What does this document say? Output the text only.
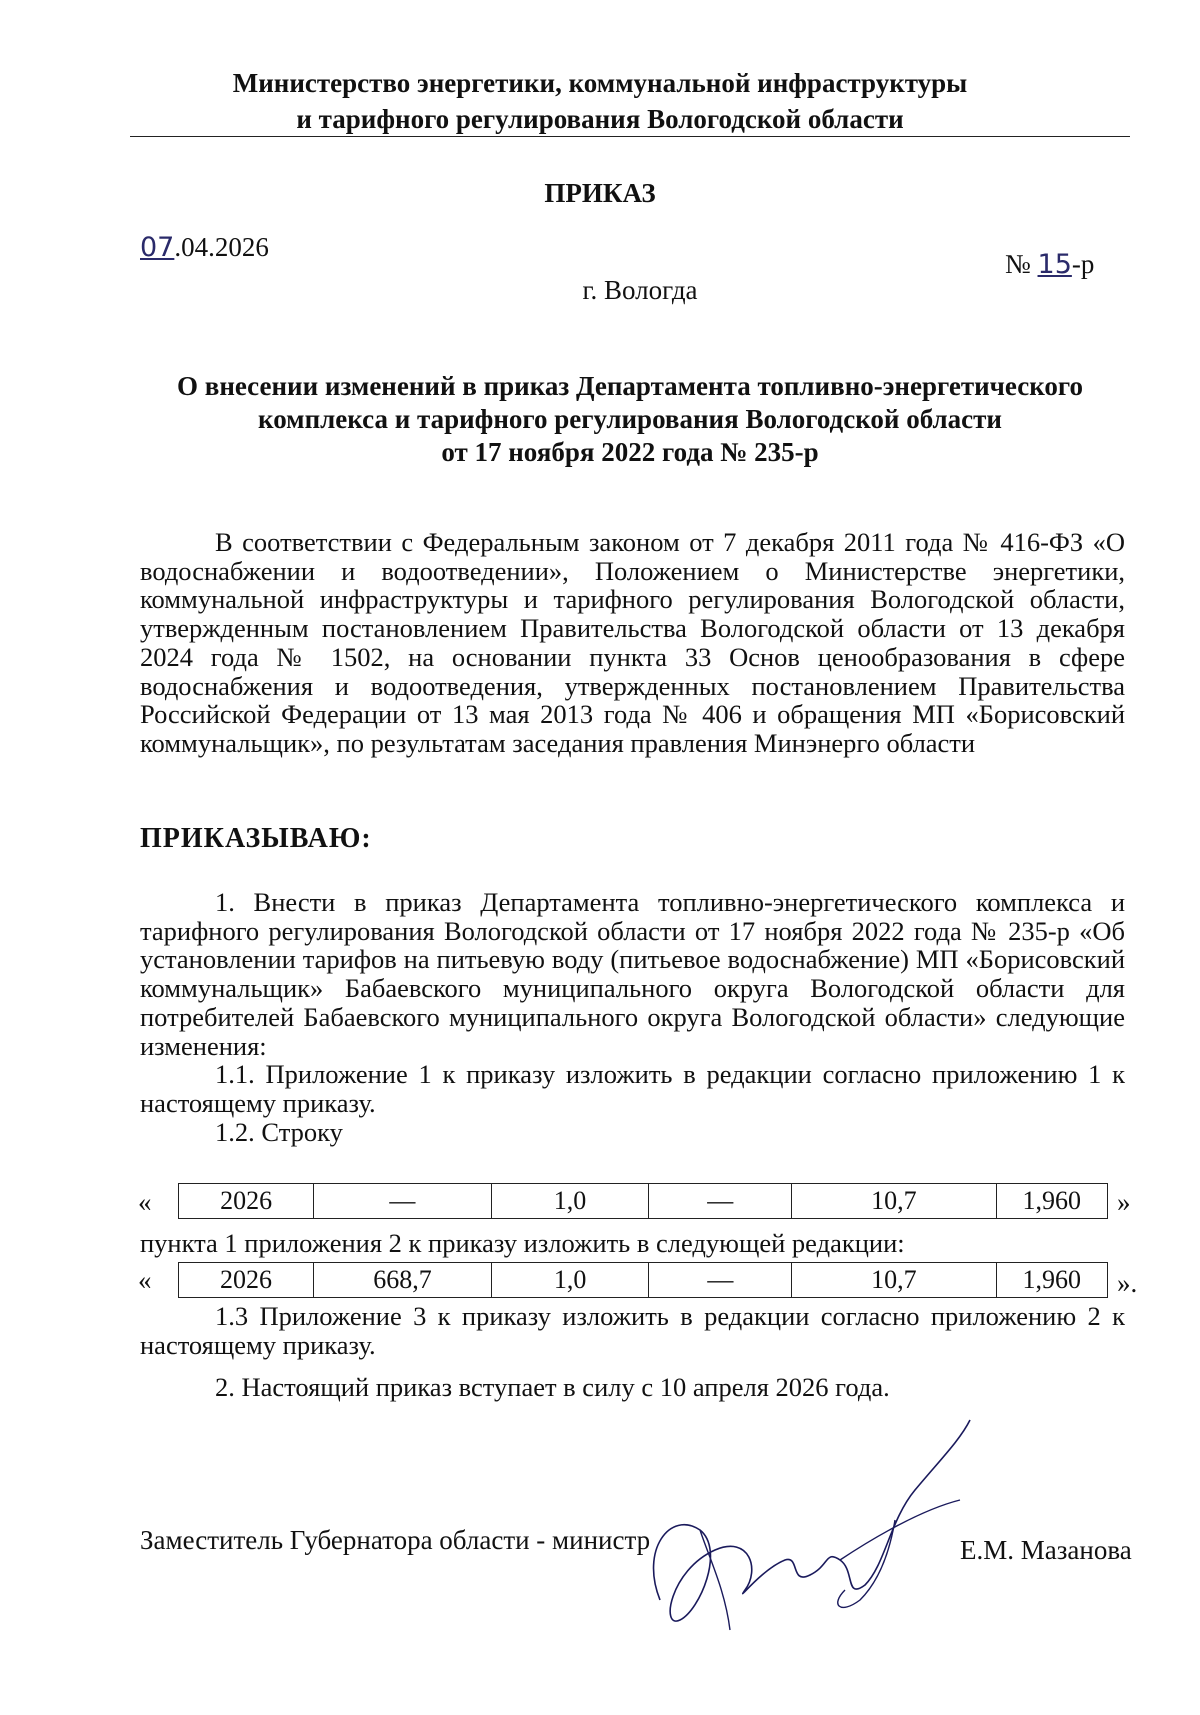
Министерство энергетики, коммунальной инфраструктуры
и тарифного регулирования Вологодской области
ПРИКАЗ
07.04.2026
№ 15-р
г. Вологда
О внесении изменений в приказ Департамента топливно-энергетического
комплекса и тарифного регулирования Вологодской области
от 17 ноября 2022 года № 235-р

В соответствии с Федеральным законом от 7 декабря 2011 года № 416-ФЗ «О водоснабжении и водоотведении», Положением о Министерстве энергетики, коммунальной инфраструктуры и тарифного регулирования Вологодской области, утвержденным постановлением Правительства Вологодской области от 13 декабря 2024 года № 1502, на основании пункта 33 Основ ценообразования в сфере водоснабжения и водоотведения, утвержденных постановлением Правительства Российской Федерации от 13 мая 2013 года № 406 и обращения МП «Борисовский коммунальщик», по результатам заседания правления Минэнерго области

ПРИКАЗЫВАЮ:

1. Внести в приказ Департамента топливно-энергетического комплекса и тарифного регулирования Вологодской области от 17 ноября 2022 года № 235-р «Об установлении тарифов на питьевую воду (питьевое водоснабжение) МП «Борисовский коммунальщик» Бабаевского муниципального округа Вологодской области для потребителей Бабаевского муниципального округа Вологодской области» следующие изменения:

1.1. Приложение 1 к приказу изложить в редакции согласно приложению 1 к настоящему приказу.

1.2. Строку

«	2026	—	1,0	—	10,7	1,960 »
пункта 1 приложения 2 к приказу изложить в следующей редакции:
«	2026	668,7	1,0	—	10,7	1,960 ».

1.3 Приложение 3 к приказу изложить в редакции согласно приложению 2 к настоящему приказу.

2. Настоящий приказ вступает в силу с 10 апреля 2026 года.

Заместитель Губернатора области - министр	Е.М. Мазанова
